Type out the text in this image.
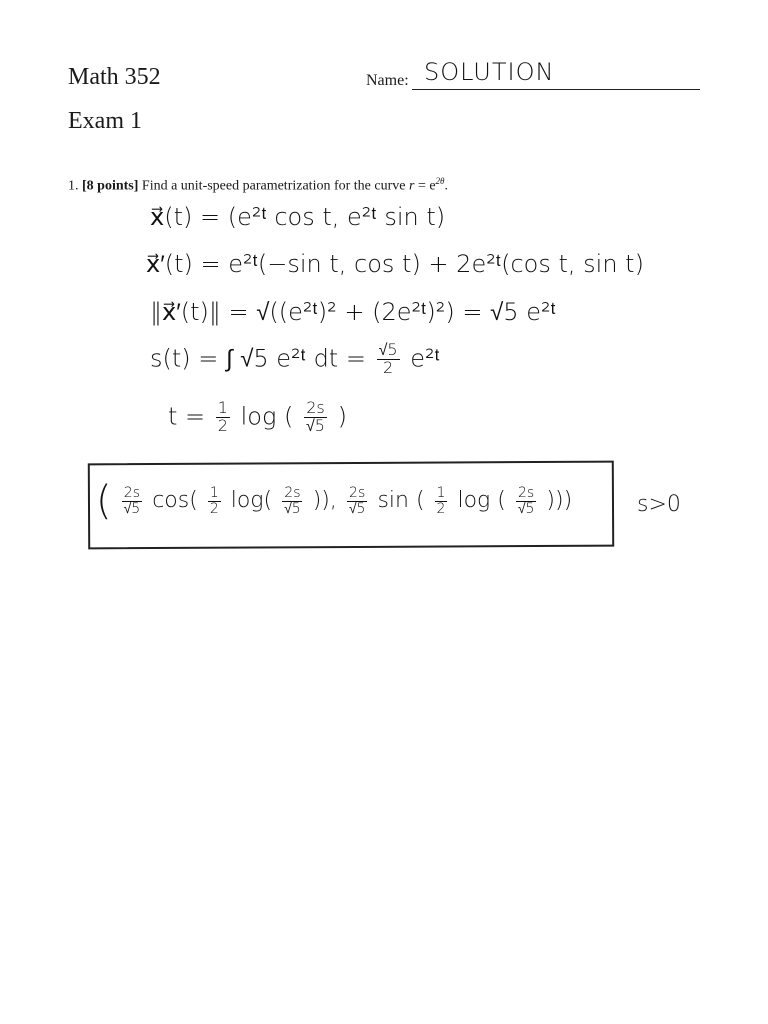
Math 352
Exam 1
Name: SOLUTION
1. [8 points] Find a unit-speed parametrization for the curve $r = e^{2\theta}$.
x⃗(t) = (e²ᵗ cos t, e²ᵗ sin t)
x⃗′(t) = e²ᵗ(−sin t, cos t) + 2e²ᵗ(cos t, sin t)
‖x⃗′(t)‖ = √((e²ᵗ)² + (2e²ᵗ)²) = √5 e²ᵗ
s(t) = ∫ √5 e²ᵗ dt = $\frac{√5}{2}$ e²ᵗ
$t = \frac{1}{2}$ log ( $\frac{2s}{√5}$ )
( $\frac{2s}{√5} \cos( \frac{1}{2} \log( \frac{2s}{√5}$ )), $\frac{2s}{√5}$ sin ( $\frac{1}{2}$ log ( $\frac{2s}{√5}$ )))	s>0
